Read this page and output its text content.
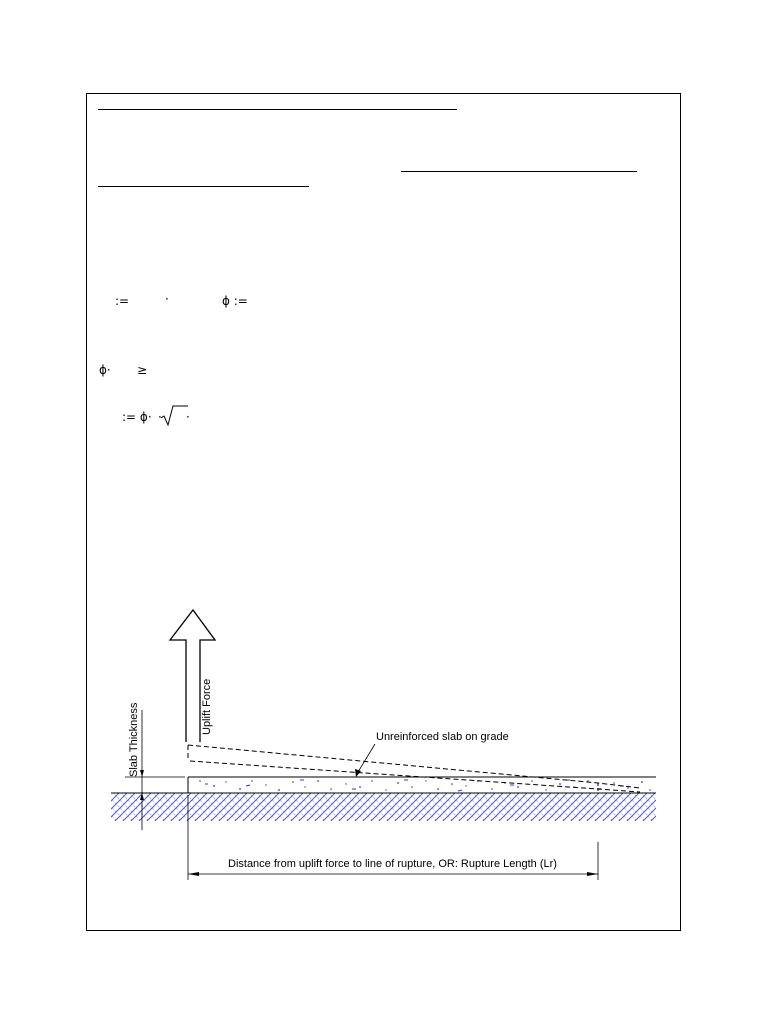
:=	·	ϕ :=
ϕ· ≥
:= ϕ· · ·
Uplift Force
Slab Thickness	Unreinforced slab on grade
Distance from uplift force to line of rupture, OR: Rupture Length (Lr)
